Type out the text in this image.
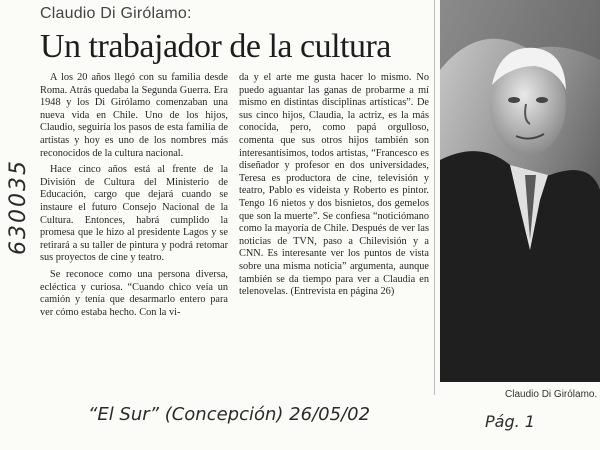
Claudio Di Girólamo:
Un trabajador de la cultura

A los 20 años llegó con su familia desde Roma. Atrás quedaba la Segunda Guerra. Era 1948 y los Di Girólamo comenzaban una nueva vida en Chile. Uno de los hijos, Claudio, seguiría los pasos de esta familia de artistas y hoy es uno de los nombres más reconocidos de la cultura nacional.

Hace cinco años está al frente de la División de Cultura del Ministerio de Educación, cargo que dejará cuando se instaure el futuro Consejo Nacional de la Cultura. Entonces, habrá cumplido la promesa que le hizo al presidente Lagos y se retirará a su taller de pintura y podrá retomar sus proyectos de cine y teatro.

Se reconoce como una persona diversa, ecléctica y curiosa. “Cuando chico veía un camión y tenía que desarmarlo entero para ver cómo estaba hecho. Con la vi-

da y el arte me gusta hacer lo mismo. No puedo aguantar las ganas de probarme a mí mismo en distintas disciplinas artísticas”. De sus cinco hijos, Claudia, la actriz, es la más conocida, pero, como papá orgulloso, comenta que sus otros hijos también son interesantísimos, todos artistas, “Francesco es diseñador y profesor en dos universidades, Teresa es productora de cine, televisión y teatro, Pablo es videista y Roberto es pintor. Tengo 16 nietos y dos bisnietos, dos gemelos que son la muerte”. Se confiesa “noticiómano como la mayoría de Chile. Después de ver las noticias de TVN, paso a Chilevisión y a CNN. Es interesante ver los puntos de vista sobre una misma noticia” argumenta, aunque también se da tiempo para ver a Claudia en telenovelas. (Entrevista en página 26)

Claudio Di Girólamo.
630035
“El Sur” (Concepción) 26/05/02	Pág. 1
